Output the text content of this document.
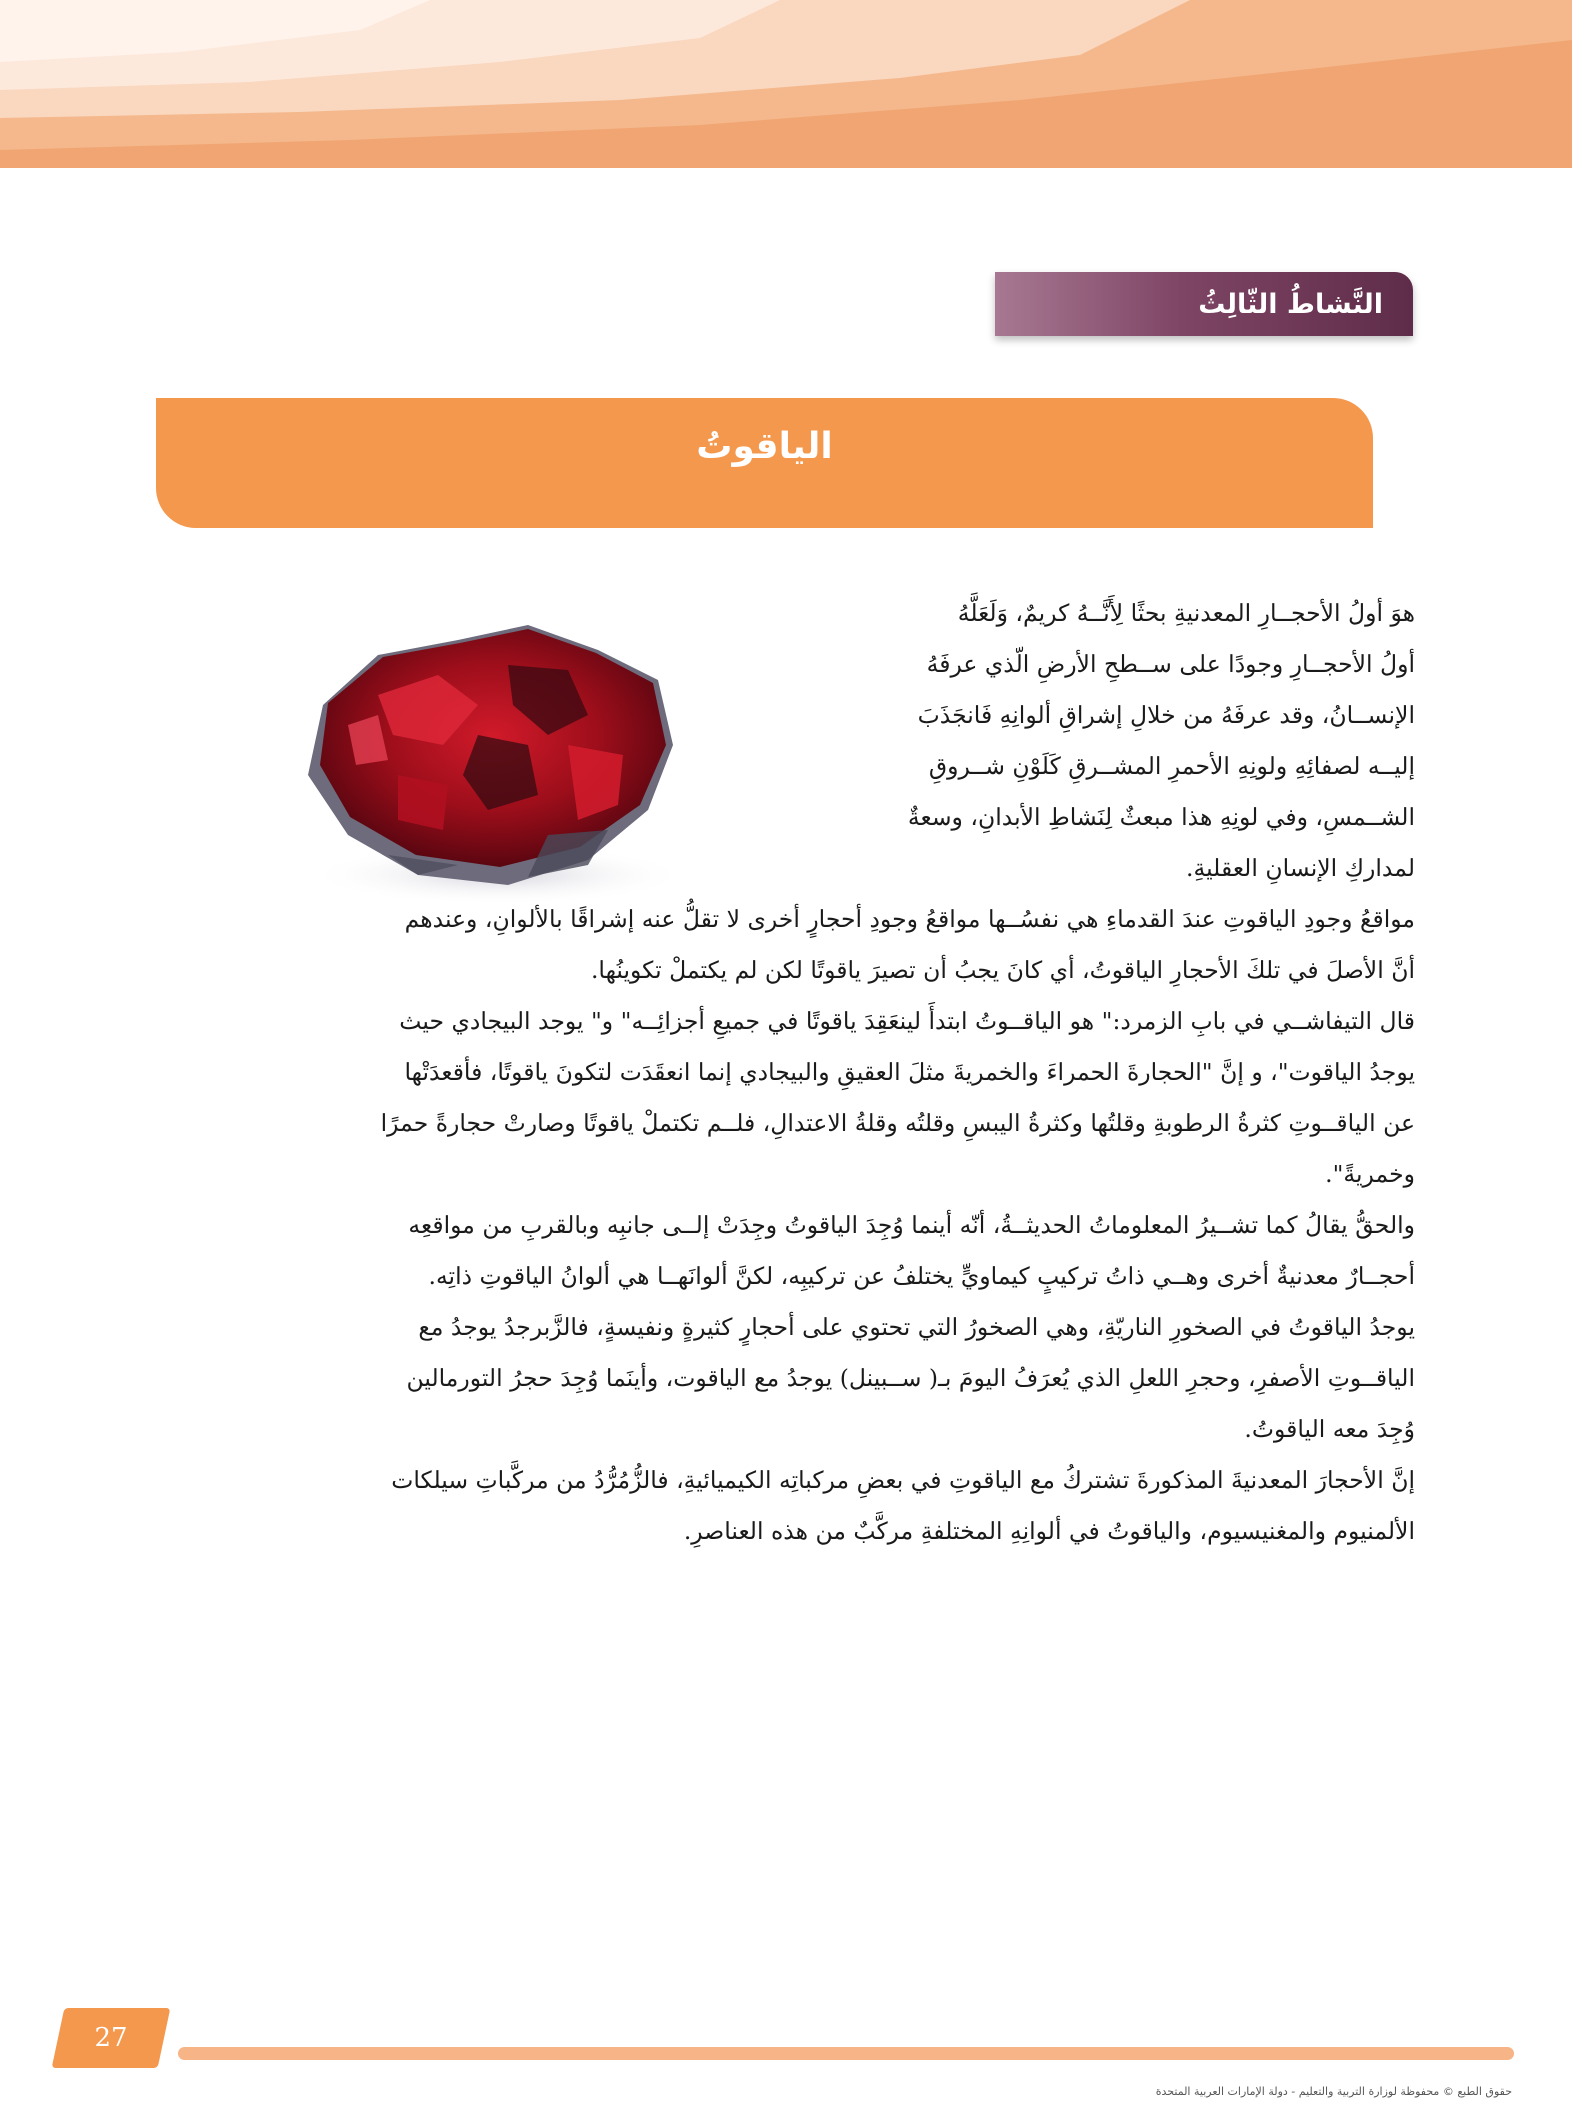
النَّشاطُ الثّالِثُ
الياقوتُ

هوَ أولُ الأحجــارِ المعدنيةِ بحثًا لِأَنَّــهُ كريمٌ، وَلَعَلَّهُ

أولُ الأحجــارِ وجودًا على ســطحِ الأرضِ الّذي عرفَهُ

الإنســانُ، وقد عرفَهُ من خلالِ إشراقِ ألوانِهِ فَانجَذَبَ

إليــه لصفائِهِ ولونِهِ الأحمرِ المشــرقِ كَلَوْنِ شــروقِ

الشــمسِ، وفي لونِهِ هذا مبعثٌ لِنَشاطِ الأبدانِ، وسعةٌ

لمداركِ الإنسانِ العقليةِ.

مواقعُ وجودِ الياقوتِ عندَ القدماءِ هي نفسُــها مواقعُ وجودِ أحجارٍ أخرى لا تقلُّ عنه إشراقًا بالألوانِ، وعندهم

أنَّ الأصلَ في تلكَ الأحجارِ الياقوتُ، أي كانَ يجبُ أن تصيرَ ياقوتًا لكن لم يكتملْ تكوينُها.

قال التيفاشــي في بابِ الزمرد:" هو الياقــوتُ ابتدأَ لينعَقِدَ ياقوتًا في جميعِ أجزائِــه" و" يوجد البيجادي حيث

يوجدُ الياقوت"، و إنَّ "الحجارةَ الحمراءَ والخمريةَ مثلَ العقيقِ والبيجادي إنما انعقَدَت لتكونَ ياقوتًا، فأقعدَتْها

عن الياقــوتِ كثرةُ الرطوبةِ وقلتُها وكثرةُ اليبسِ وقلتُه وقلةُ الاعتدالِ، فلــم تكتملْ ياقوتًا وصارتْ حجارةً حمرًا

وخمريةً".

والحقُّ يقالُ كما تشــيرُ المعلوماتُ الحديثــةُ، أنّه أينما وُجِدَ الياقوتُ وجِدَتْ إلــى جانبِه وبالقربِ من مواقعِه

أحجــارٌ معدنيةٌ أخرى وهــي ذاتُ تركيبٍ كيماويٍّ يختلفُ عن تركيبِه، لكنَّ ألوانَهــا هي ألوانُ الياقوتِ ذاتِه.

يوجدُ الياقوتُ في الصخورِ الناريّةِ، وهي الصخورُ التي تحتوي على أحجارٍ كثيرةٍ ونفيسةٍ، فالزَّبرجدُ يوجدُ مع

الياقــوتِ الأصفرِ، وحجرِ اللعلِ الذي يُعرَفُ اليومَ بـ( ســبينل) يوجدُ مع الياقوت، وأينَما وُجِدَ حجرُ التورمالين

وُجِدَ معه الياقوتُ.

إنَّ الأحجارَ المعدنيةَ المذكورةَ تشتركُ مع الياقوتِ في بعضِ مركباتِه الكيميائيةِ، فالزُّمُرُّدُ من مركَّباتِ سيلكات

الألمنيوم والمغنيسيوم، والياقوتُ في ألوانِهِ المختلفةِ مركَّبٌ من هذه العناصرِ.

27
حقوق الطبع © محفوظة لوزارة التربية والتعليم - دولة الإمارات العربية المتحدة
